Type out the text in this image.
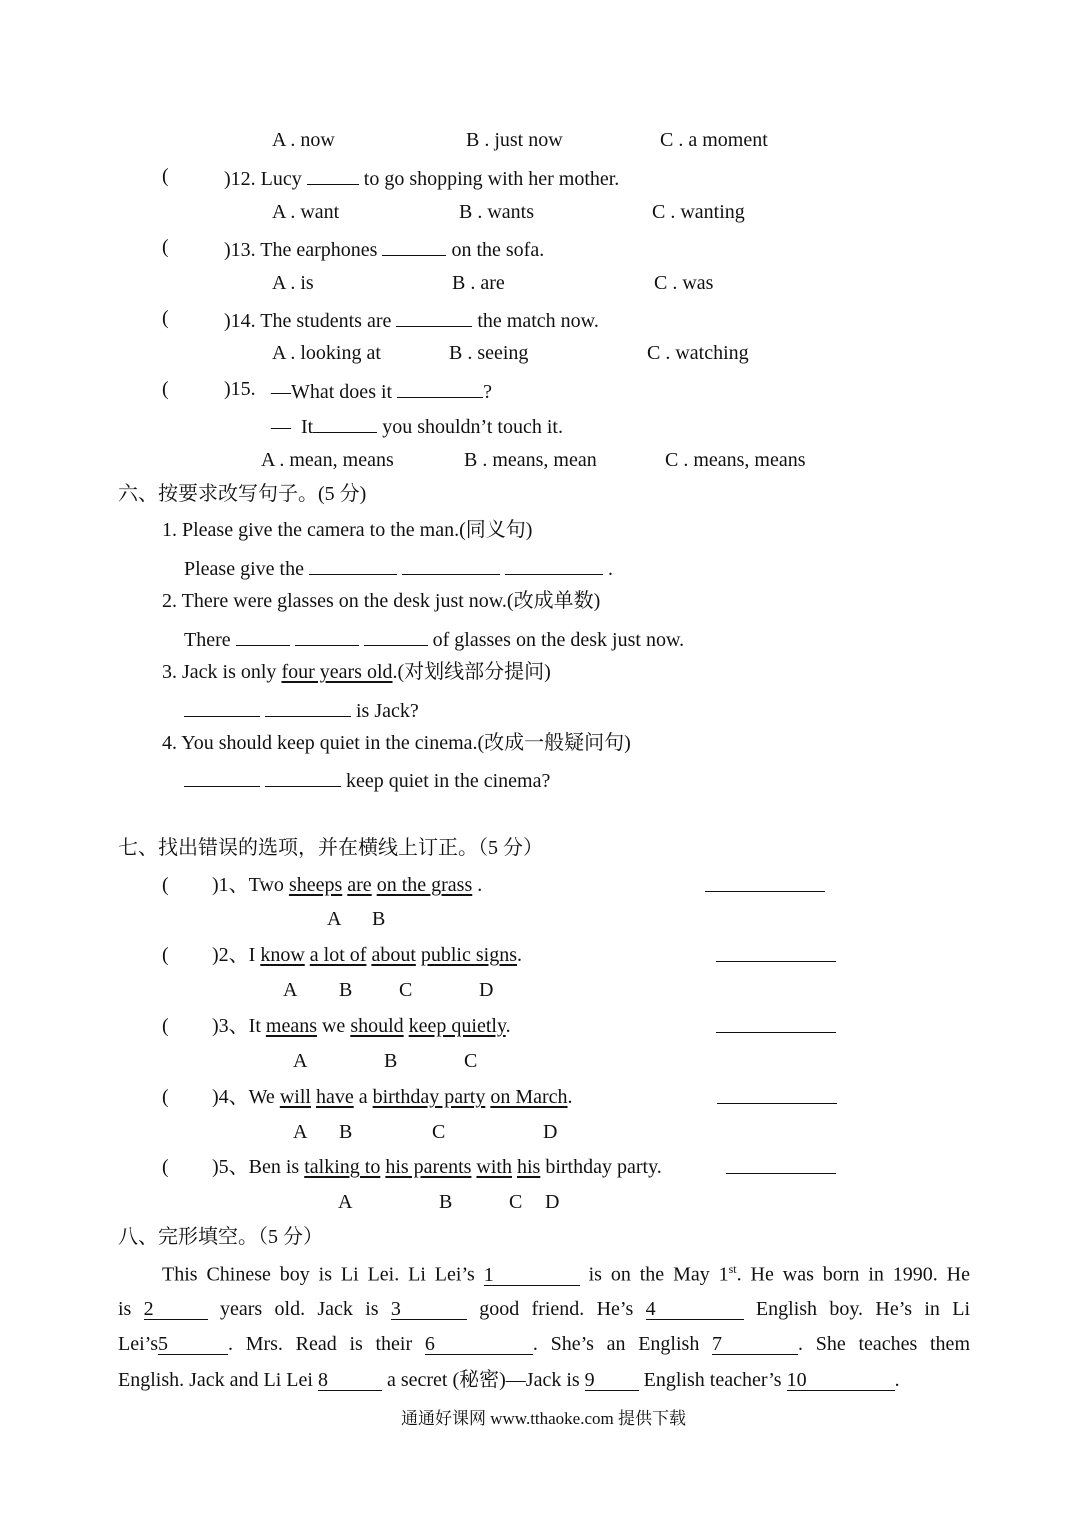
A . now	B . just now	C . a moment
(	)12. Lucy	to go shopping with her mother.
A . want	B . wants	C . wanting
(	)13. The earphones	on the sofa.
A . is	B . are	C . was
(	)14. The students are	the match now.
A . looking at	B . seeing	C . watching
(	)15. —What does it	?
—  It	you shouldn’t touch it.
A . mean, means	B . means, mean	C . means, means
六、按要求改写句子。(5 分)
1. Please give the camera to the man.(同义句)
Please give the	.
2. There were glasses on the desk just now.(改成单数)
There	of glasses on the desk just now.
3. Jack is only four years old.(对划线部分提问)
is Jack?
4. You should keep quiet in the cinema.(改成一般疑问句)
keep quiet in the cinema?
七、找出错误的选项，并在横线上订正。（5 分）
( )1、Two sheeps are on the grass .
A B
( )2、I know a lot of about public signs.
A B C	D
( )3、It means we should keep quietly.
A	B	C
( )4、We will have a birthday party on March.
A B	C	D
( )5、Ben is talking to his parents with his birthday party.
A	B	C D
八、完形填空。（5 分）
This Chinese boy is Li Lei. Li Lei’s 1	is on the May 1st. He was born in 1990. He
is 2	years old. Jack is 3	good friend. He’s 4	English boy. He’s in Li
Lei’s5	. Mrs. Read is their 6	. She’s an English 7	. She teaches them
English. Jack and Li Lei 8	a secret (秘密)—Jack is 9 English teacher’s 10	.
通通好课网 www.tthaoke.com 提供下载
